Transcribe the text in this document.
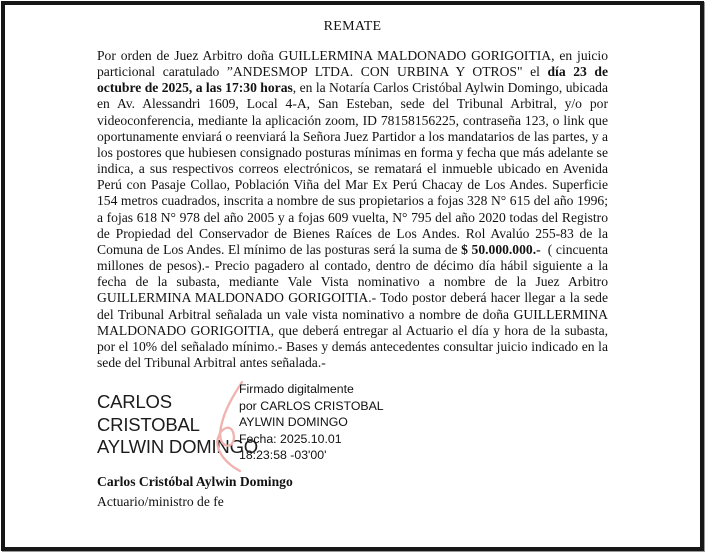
REMATE
Por orden de Juez Arbitro doña GUILLERMINA MALDONADO GORIGOITIA, en juicio particional caratulado ”ANDESMOP LTDA. CON URBINA Y OTROS" el día 23 de octubre de 2025, a las 17:30 horas, en la Notaría Carlos Cristóbal Aylwin Domingo, ubicada en Av. Alessandri 1609, Local 4-A, San Esteban, sede del Tribunal Arbitral, y/o por videoconferencia, mediante la aplicación zoom, ID 78158156225, contraseña 123, o link que oportunamente enviará o reenviará la Señora Juez Partidor a los mandatarios de las partes, y a los postores que hubiesen consignado posturas mínimas en forma y fecha que más adelante se indica, a sus respectivos correos electrónicos, se rematará el inmueble ubicado en Avenida Perú con Pasaje Collao, Población Viña del Mar Ex Perú Chacay de Los Andes. Superficie 154 metros cuadrados, inscrita a nombre de sus propietarios a fojas 328 N° 615 del año 1996; a fojas 618 N° 978 del año 2005 y a fojas 609 vuelta, N° 795 del año 2020 todas del Registro de Propiedad del Conservador de Bienes Raíces de Los Andes. Rol Avalúo 255-83 de la Comuna de Los Andes. El mínimo de las posturas será la suma de $ 50.000.000.-  ( cincuenta millones de pesos).- Precio pagadero al contado, dentro de décimo día hábil siguiente a la fecha de la subasta, mediante Vale Vista nominativo a nombre de la Juez Arbitro GUILLERMINA MALDONADO GORIGOITIA.- Todo postor deberá hacer llegar a la sede del Tribunal Arbitral señalada un vale vista nominativo a nombre de doña GUILLERMINA MALDONADO GORIGOITIA, que deberá entregar al Actuario el día y hora de la subasta, por el 10% del señalado mínimo.- Bases y demás antecedentes consultar juicio indicado en la sede del Tribunal Arbitral antes señalada.-
CARLOS
CRISTOBAL
AYLWIN DOMINGO
Firmado digitalmente
por CARLOS CRISTOBAL
AYLWIN DOMINGO
Fecha: 2025.10.01
18:23:58 -03'00'
Carlos Cristóbal Aylwin Domingo
Actuario/ministro de fe
